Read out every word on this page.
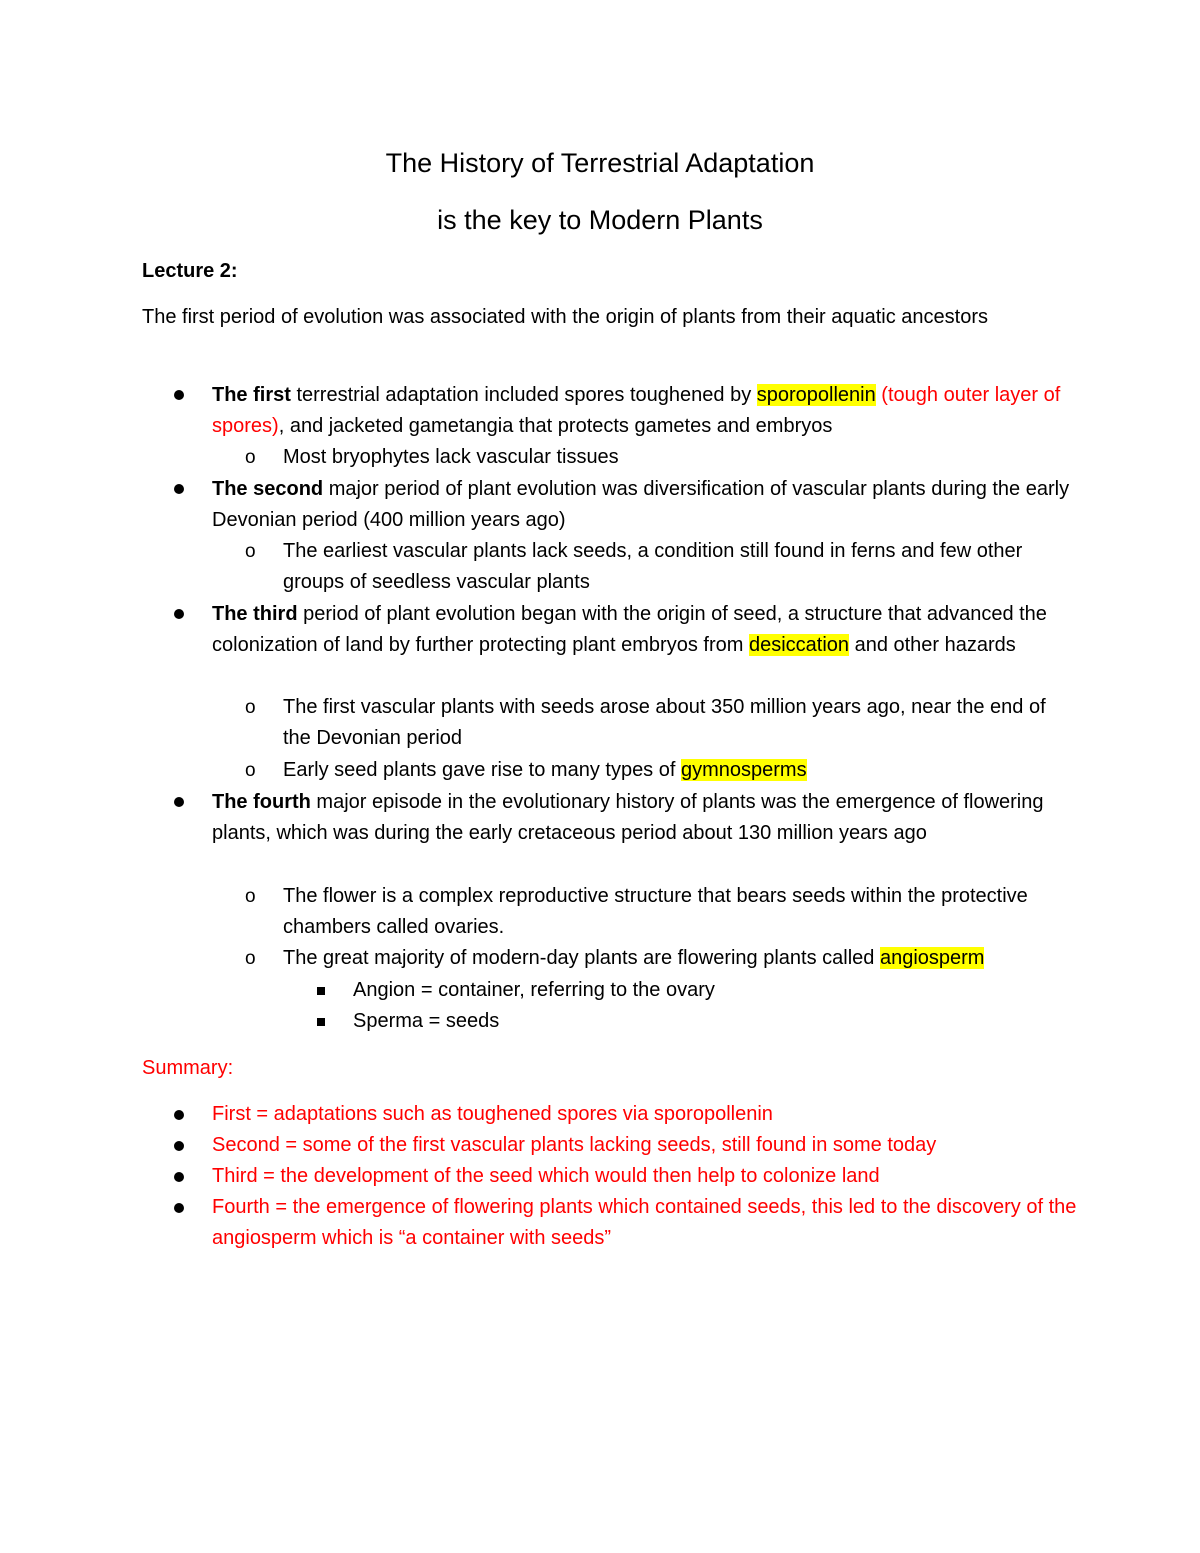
The History of Terrestrial Adaptation
is the key to Modern Plants

Lecture 2:

The first period of evolution was associated with the origin of plants from their aquatic ancestors

The first terrestrial adaptation included spores toughened by sporopollenin (tough outer layer of spores), and jacketed gametangia that protects gametes and embryos

o Most bryophytes lack vascular tissues

The second major period of plant evolution was diversification of vascular plants during the early Devonian period (400 million years ago)

o The earliest vascular plants lack seeds, a condition still found in ferns and few other groups of seedless vascular plants

The third period of plant evolution began with the origin of seed, a structure that advanced the colonization of land by further protecting plant embryos from desiccation and other hazards

o The first vascular plants with seeds arose about 350 million years ago, near the end of the Devonian period

o Early seed plants gave rise to many types of gymnosperms

The fourth major episode in the evolutionary history of plants was the emergence of flowering plants, which was during the early cretaceous period about 130 million years ago

o The flower is a complex reproductive structure that bears seeds within the protective chambers called ovaries.

o The great majority of modern-day plants are flowering plants called angiosperm

Angion = container, referring to the ovary

Sperma = seeds

Summary:

First = adaptations such as toughened spores via sporopollenin

Second = some of the first vascular plants lacking seeds, still found in some today

Third = the development of the seed which would then help to colonize land

Fourth = the emergence of flowering plants which contained seeds, this led to the discovery of the angiosperm which is “a container with seeds”
